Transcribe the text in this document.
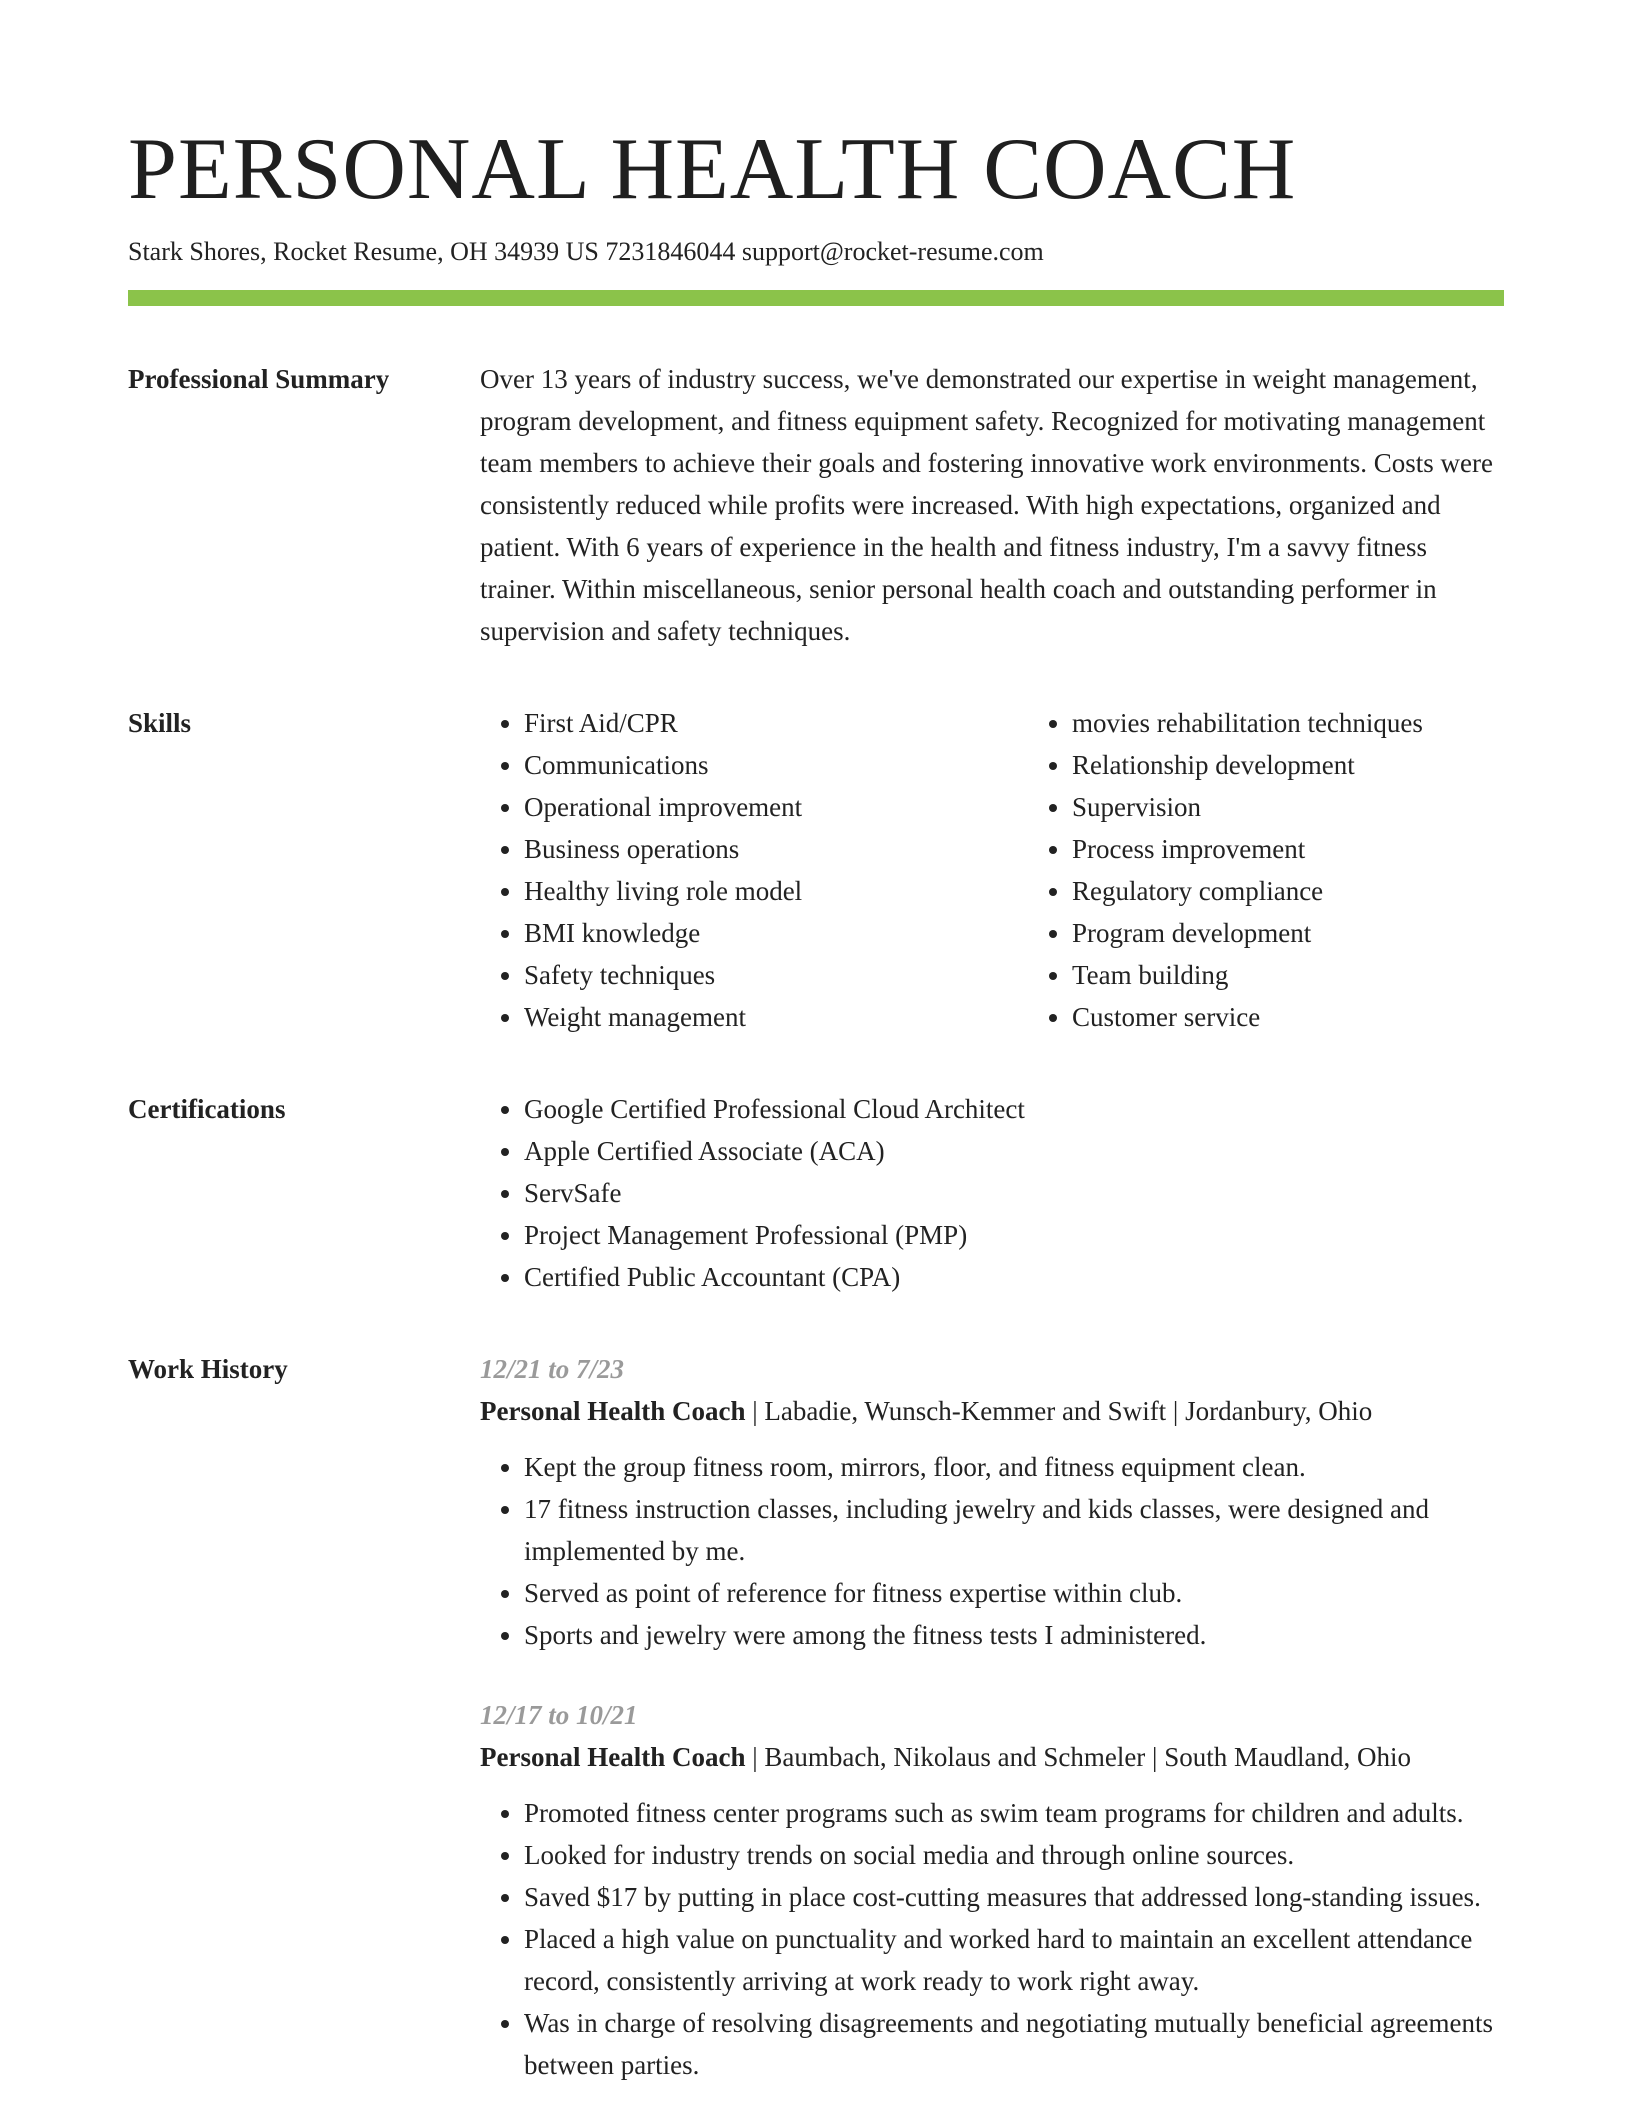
PERSONAL HEALTH COACH
Stark Shores, Rocket Resume, OH 34939 US 7231846044 support@rocket-resume.com
Professional Summary	Over 13 years of industry success, we've demonstrated our expertise in weight management, program development, and fitness equipment safety. Recognized for motivating management team members to achieve their goals and fostering innovative work environments. Costs were consistently reduced while profits were increased. With high expectations, organized and patient. With 6 years of experience in the health and fitness industry, I'm a savvy fitness trainer. Within miscellaneous, senior personal health coach and outstanding performer in supervision and safety techniques.

Skills	• First Aid/CPR
• Communications
• Operational improvement
• Business operations
• Healthy living role model
• BMI knowledge
• Safety techniques
• Weight management
• movies rehabilitation techniques
• Relationship development
• Supervision
• Process improvement
• Regulatory compliance
• Program development
• Team building
• Customer service
Certifications	• Google Certified Professional Cloud Architect
• Apple Certified Associate (ACA)
• ServSafe
• Project Management Professional (PMP)
• Certified Public Accountant (CPA)
Work History	12/21 to 7/23
Personal Health Coach | Labadie, Wunsch-Kemmer and Swift | Jordanbury, Ohio
• Kept the group fitness room, mirrors, floor, and fitness equipment clean.
• 17 fitness instruction classes, including jewelry and kids classes, were designed and implemented by me.
• Served as point of reference for fitness expertise within club.
• Sports and jewelry were among the fitness tests I administered.
12/17 to 10/21
Personal Health Coach | Baumbach, Nikolaus and Schmeler | South Maudland, Ohio
• Promoted fitness center programs such as swim team programs for children and adults.
• Looked for industry trends on social media and through online sources.
• Saved $17 by putting in place cost-cutting measures that addressed long-standing issues.
• Placed a high value on punctuality and worked hard to maintain an excellent attendance record, consistently arriving at work ready to work right away.
• Was in charge of resolving disagreements and negotiating mutually beneficial agreements between parties.
